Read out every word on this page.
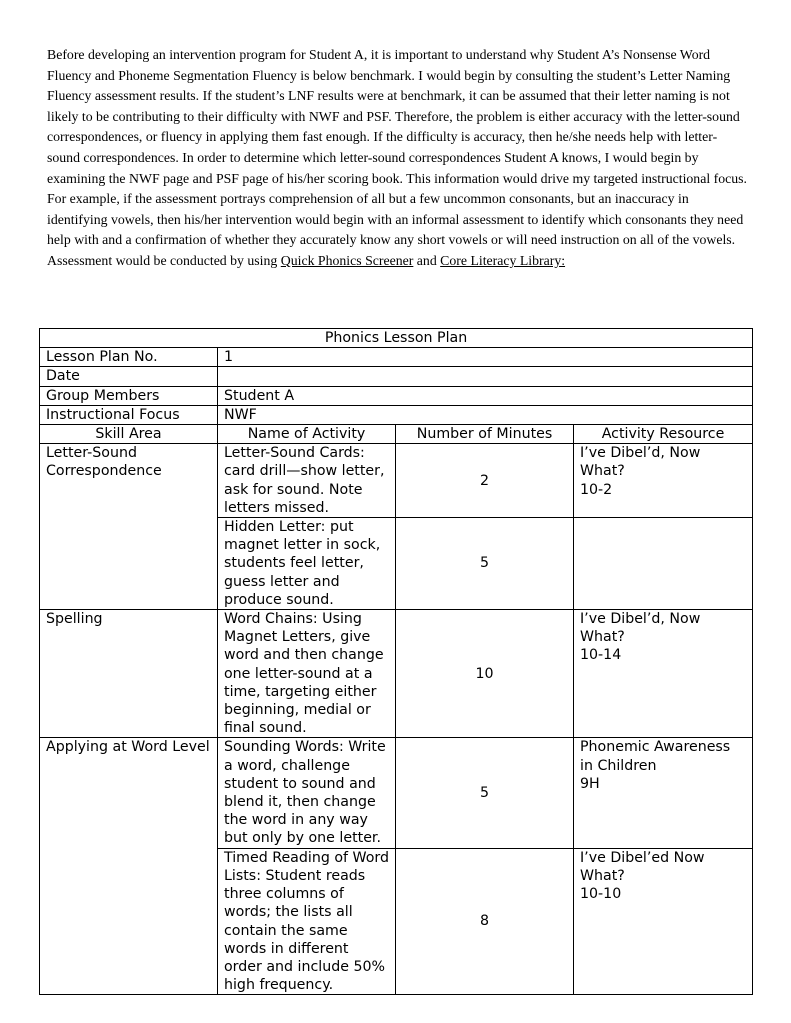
Before developing an intervention program for Student A, it is important to understand why Student A’s Nonsense Word Fluency and Phoneme Segmentation Fluency is below benchmark. I would begin by consulting the student’s Letter Naming Fluency assessment results. If the student’s LNF results were at benchmark, it can be assumed that their letter naming is not likely to be contributing to their difficulty with NWF and PSF. Therefore, the problem is either accuracy with the letter-sound correspondences, or fluency in applying them fast enough. If the difficulty is accuracy, then he/she needs help with letter-sound correspondences. In order to determine which letter-sound correspondences Student A knows, I would begin by examining the NWF page and PSF page of his/her scoring book. This information would drive my targeted instructional focus. For example, if the assessment portrays comprehension of all but a few uncommon consonants, but an inaccuracy in identifying vowels, then his/her intervention would begin with an informal assessment to identify which consonants they need help with and a confirmation of whether they accurately know any short vowels or will need instruction on all of the vowels. Assessment would be conducted by using Quick Phonics Screener and Core Literacy Library:

Phonics Lesson Plan			
Lesson Plan No.	1		
Date			
Group Members	Student A		
Instructional Focus	NWF		
Skill Area	Name of Activity	Number of Minutes	Activity Resource
Letter-Sound Correspondence	Letter-Sound Cards: card drill—show letter, ask for sound. Note letters missed.	2	I’ve Dibel’d, Now What?
10-2
	Hidden Letter: put magnet letter in sock, students feel letter, guess letter and produce sound.	5	
Spelling	Word Chains: Using Magnet Letters, give word and then change one letter-sound at a time, targeting either beginning, medial or final sound.	10	I’ve Dibel’d, Now What?
10-14
Applying at Word Level	Sounding Words: Write a word, challenge student to sound and blend it, then change the word in any way but only by one letter.	5	Phonemic Awareness in Children
9H
	Timed Reading of Word Lists: Student reads three columns of words; the lists all contain the same words in different order and include 50% high frequency.	8	I’ve Dibel’ed Now What?
10-10
